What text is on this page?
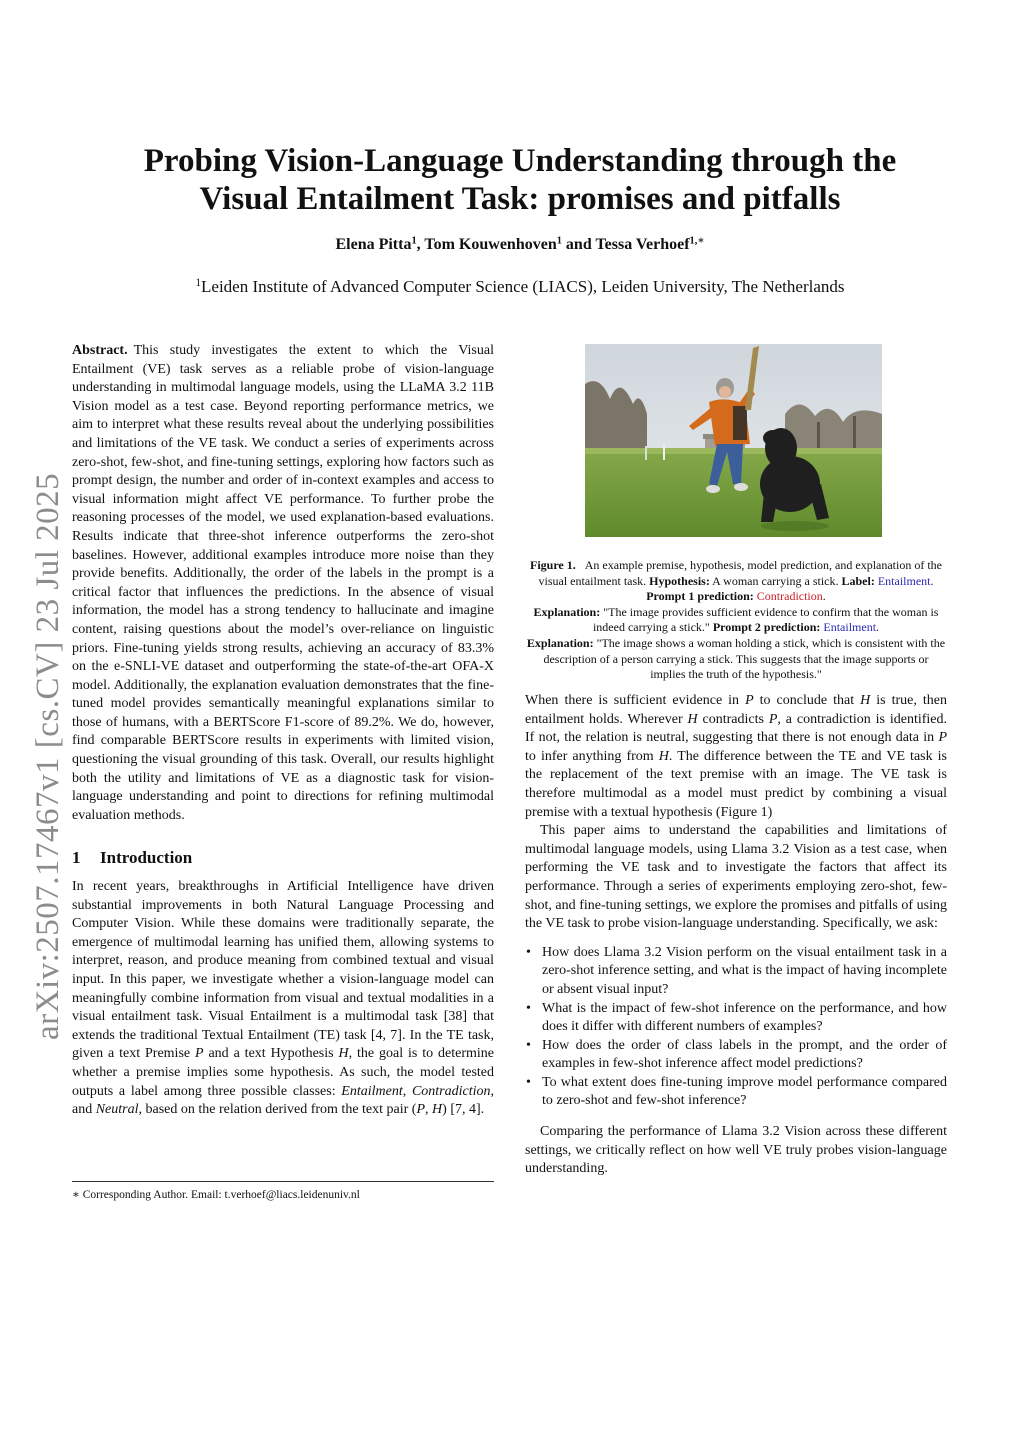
arXiv:2507.17467v1 [cs.CV] 23 Jul 2025
Probing Vision-Language Understanding through the
Visual Entailment Task: promises and pitfalls
Elena Pitta$^1$, Tom Kouwenhoven$^1$ and Tessa Verhoef$^{1,∗}$
$^1$Leiden Institute of Advanced Computer Science (LIACS), Leiden University, The Netherlands

Abstract. This study investigates the extent to which the Visual Entailment (VE) task serves as a reliable probe of vision-language understanding in multimodal language models, using the LLaMA 3.2 11B Vision model as a test case. Beyond reporting performance metrics, we aim to interpret what these results reveal about the underlying possibilities and limitations of the VE task. We conduct a series of experiments across zero-shot, few-shot, and fine-tuning settings, exploring how factors such as prompt design, the number and order of in-context examples and access to visual information might affect VE performance. To further probe the reasoning processes of the model, we used explanation-based evaluations. Results indicate that three-shot inference outperforms the zero-shot baselines. However, additional examples introduce more noise than they provide benefits. Additionally, the order of the labels in the prompt is a critical factor that influences the predictions. In the absence of visual information, the model has a strong tendency to hallucinate and imagine content, raising questions about the model’s over-reliance on linguistic priors. Fine-tuning yields strong results, achieving an accuracy of 83.3% on the e-SNLI-VE dataset and outperforming the state-of-the-art OFA-X model. Additionally, the explanation evaluation demonstrates that the fine-tuned model provides semantically meaningful explanations similar to those of humans, with a BERTScore F1-score of 89.2%. We do, however, find comparable BERTScore results in experiments with limited vision, questioning the visual grounding of this task. Overall, our results highlight both the utility and limitations of VE as a diagnostic task for vision-language understanding and point to directions for refining multimodal evaluation methods.

1 Introduction

In recent years, breakthroughs in Artificial Intelligence have driven substantial improvements in both Natural Language Processing and Computer Vision. While these domains were traditionally separate, the emergence of multimodal learning has unified them, allowing systems to interpret, reason, and produce meaning from combined textual and visual input. In this paper, we investigate whether a vision-language model can meaningfully combine information from visual and textual modalities in a visual entailment task. Visual Entailment is a multimodal task [38] that extends the traditional Textual Entailment (TE) task [4, 7]. In the TE task, given a text Premise P and a text Hypothesis H, the goal is to determine whether a premise implies some hypothesis. As such, the model tested outputs a label among three possible classes: Entailment, Contradiction, and Neutral, based on the relation derived from the text pair (P, H) [7, 4].

∗ Corresponding Author. Email: t.verhoef@liacs.leidenuniv.nl
Figure 1. An example premise, hypothesis, model prediction, and explanation of the visual entailment task. Hypothesis: A woman carrying a stick. Label: Entailment. Prompt 1 prediction: Contradiction.
Explanation: "The image provides sufficient evidence to confirm that the woman is indeed carrying a stick." Prompt 2 prediction: Entailment.
Explanation: "The image shows a woman holding a stick, which is consistent with the description of a person carrying a stick. This suggests that the image supports or implies the truth of the hypothesis."

When there is sufficient evidence in P to conclude that H is true, then entailment holds. Wherever H contradicts P, a contradiction is identified. If not, the relation is neutral, suggesting that there is not enough data in P to infer anything from H. The difference between the TE and VE task is the replacement of the text premise with an image. The VE task is therefore multimodal as a model must predict by combining a visual premise with a textual hypothesis (Figure 1)

This paper aims to understand the capabilities and limitations of multimodal language models, using Llama 3.2 Vision as a test case, when performing the VE task and to investigate the factors that affect its performance. Through a series of experiments employing zero-shot, few-shot, and fine-tuning settings, we explore the promises and pitfalls of using the VE task to probe vision-language understanding. Specifically, we ask:

• How does Llama 3.2 Vision perform on the visual entailment task in a zero-shot inference setting, and what is the impact of having incomplete or absent visual input?
• What is the impact of few-shot inference on the performance, and how does it differ with different numbers of examples?
• How does the order of class labels in the prompt, and the order of examples in few-shot inference affect model predictions?
• To what extent does fine-tuning improve model performance compared to zero-shot and few-shot inference?

Comparing the performance of Llama 3.2 Vision across these different settings, we critically reflect on how well VE truly probes vision-language understanding.
